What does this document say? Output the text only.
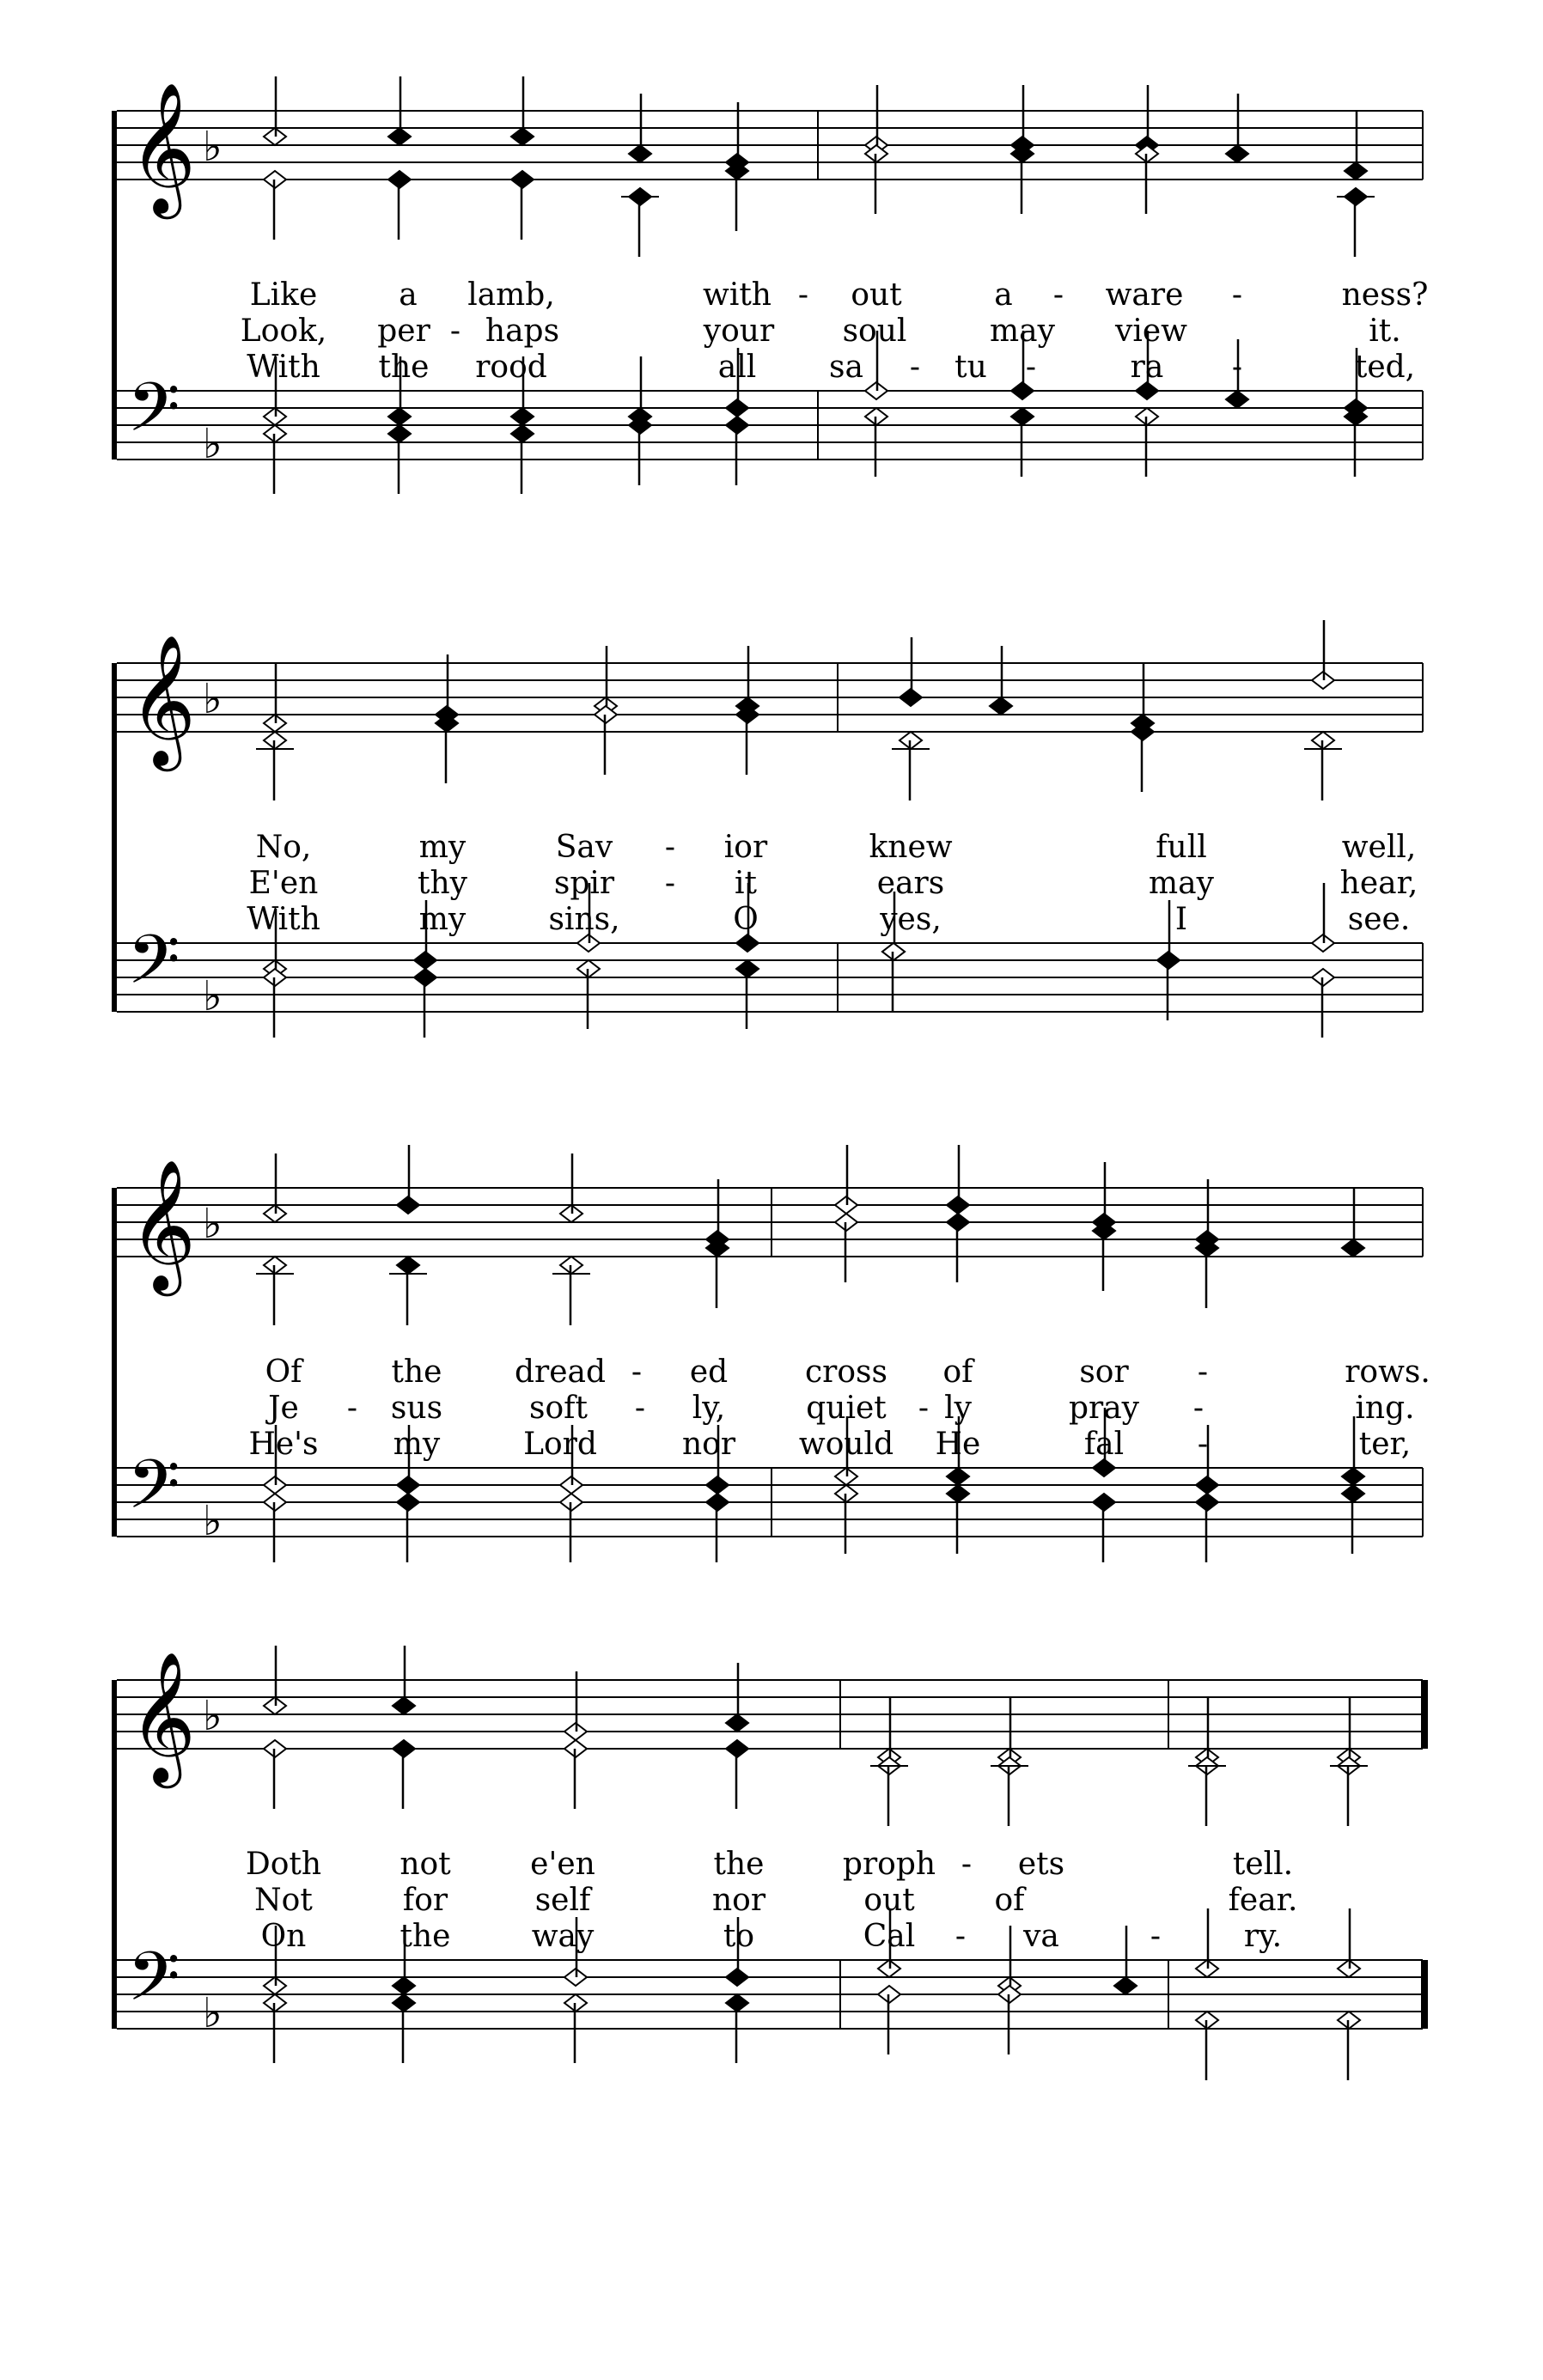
𝄞
𝄢
♭
♭
𝄞
𝄢
♭
♭
𝄞
𝄢
♭
♭
𝄞
𝄢
♭
♭
Like	a lamb,	with - out	a - ware -	ness?
Look, per - haps	your soul	may view	it.
With the rood	all sa - tu -	ra -	ted,
No,	my	Sav - ior	knew	full	well,
E'en	thy	spir - it	ears	may	hear,
With	my	sins,	O	yes,	I	see.
Of	the dread - ed cross of	sor -	rows.
Je - sus	soft - ly,	quiet - ly	pray -	ing.
He's my	Lord	nor would He	fal -	ter,
Doth	not	e'en	the	proph - ets	tell.
Not	for	self	nor	out	of	fear.
On	the	way	to	Cal - va	-	ry.
